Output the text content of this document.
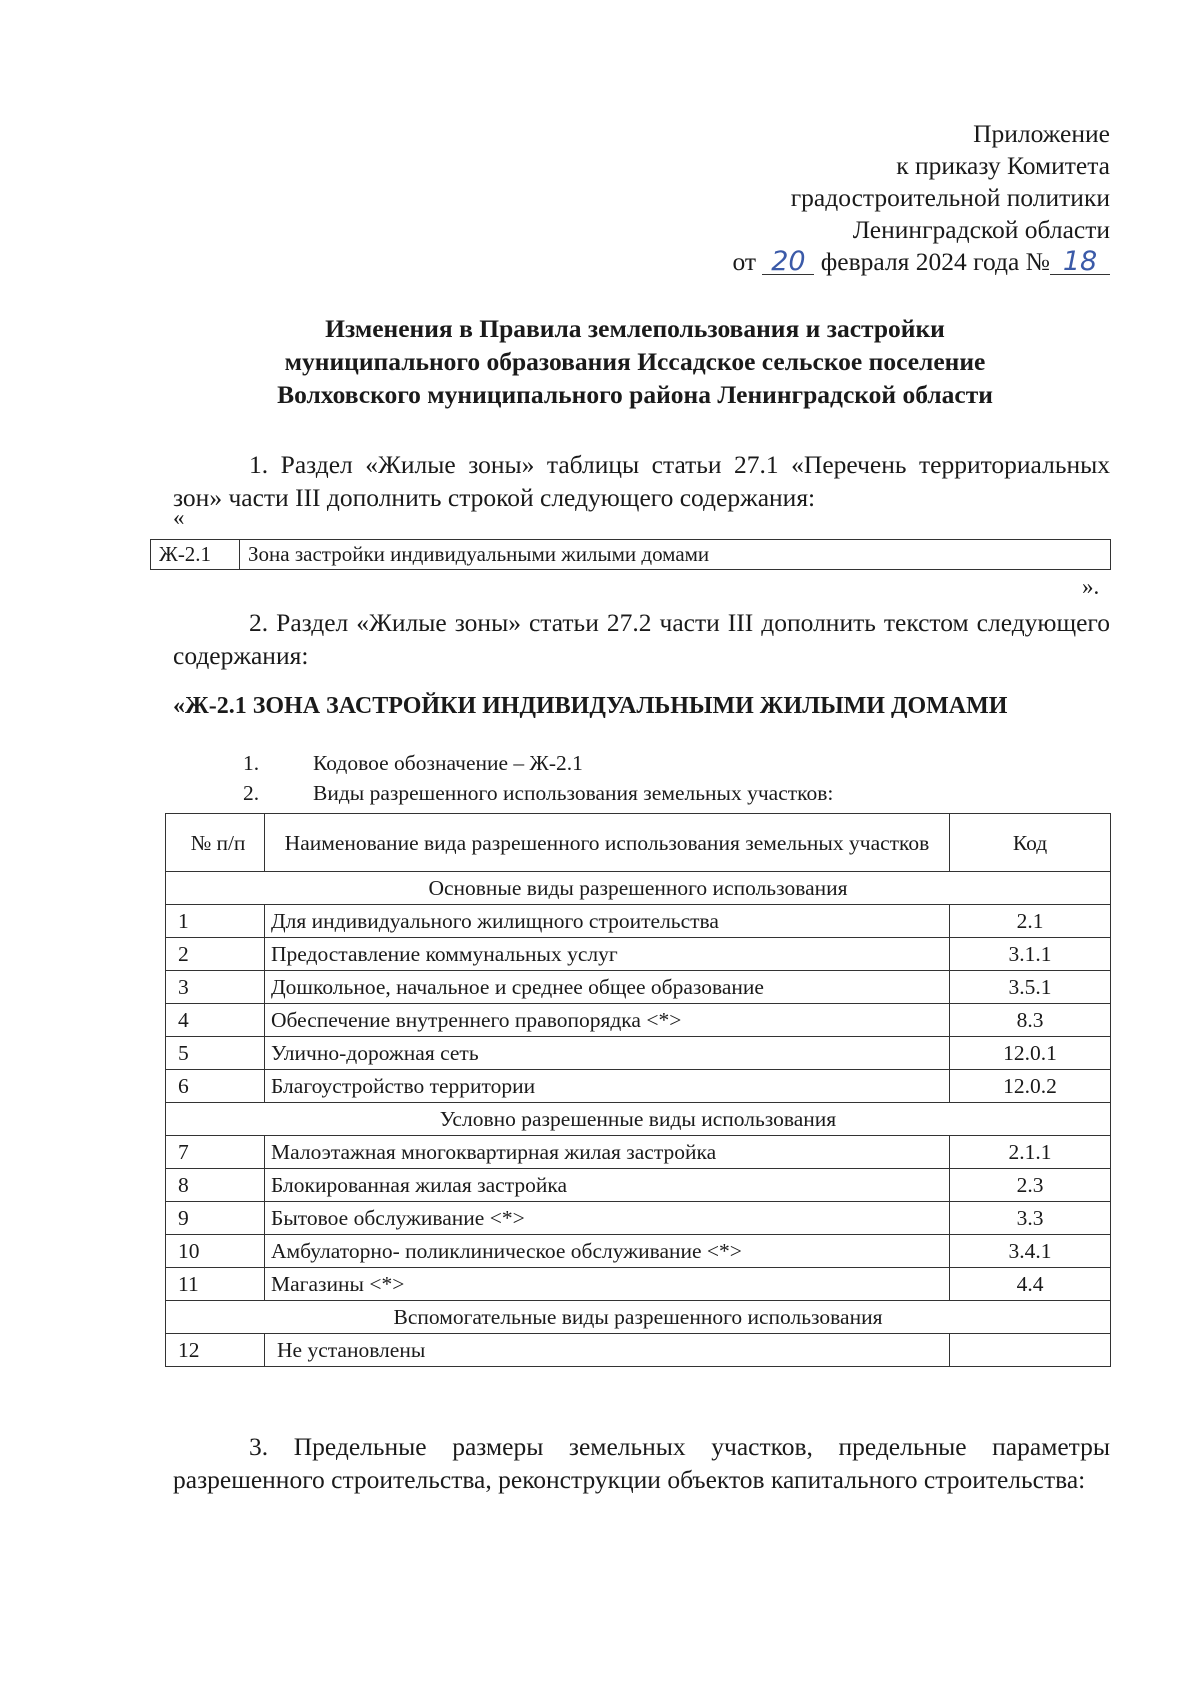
Приложение
к приказу Комитета
градостроительной политики
Ленинградской области
от 20 февраля 2024 года № 18
Изменения в Правила землепользования и застройки
муниципального образования Иссадское сельское поселение
Волховского муниципального района Ленинградской области
1. Раздел «Жилые зоны» таблицы статьи 27.1 «Перечень территориальных зон» части III дополнить строкой следующего содержания:
«
Ж-2.1	Зона застройки индивидуальными жилыми домами
».
2. Раздел «Жилые зоны» статьи 27.2 части III дополнить текстом следующего содержания:
«Ж-2.1 ЗОНА ЗАСТРОЙКИ ИНДИВИДУАЛЬНЫМИ ЖИЛЫМИ ДОМАМИ
1.	Кодовое обозначение – Ж-2.1
2.	Виды разрешенного использования земельных участков:
№ п/п	Наименование вида разрешенного использования земельных участков	Код
Основные виды разрешенного использования		
1	Для индивидуального жилищного строительства	2.1
2	Предоставление коммунальных услуг	3.1.1
3	Дошкольное, начальное и среднее общее образование	3.5.1
4	Обеспечение внутреннего правопорядка <*>	8.3
5	Улично-дорожная сеть	12.0.1
6	Благоустройство территории	12.0.2
Условно разрешенные виды использования		
7	Малоэтажная многоквартирная жилая застройка	2.1.1
8	Блокированная жилая застройка	2.3
9	Бытовое обслуживание <*>	3.3
10	Амбулаторно- поликлиническое обслуживание <*>	3.4.1
11	Магазины <*>	4.4
Вспомогательные виды разрешенного использования		
12	Не установлены	
3. Предельные размеры земельных участков, предельные параметры разрешенного строительства, реконструкции объектов капитального строительства:
